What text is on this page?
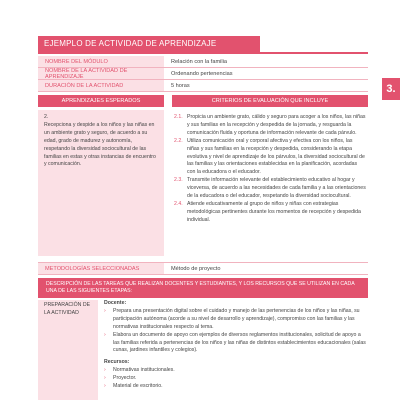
3.
EJEMPLO DE ACTIVIDAD DE APRENDIZAJE
NOMBRE DEL MÓDULO	Relación con la familia
NOMBRE DE LA ACTIVIDAD DE APRENDIZAJE	Ordenando pertenencias
DURACIÓN DE LA ACTIVIDAD	5 horas
APRENDIZAJES ESPERADOS	CRITERIOS DE EVALUACIÓN QUE INCLUYE
2.
Recepciona y despide a los niños y las niñas en un ambiente grato y seguro, de acuerdo a su edad, grado de madurez y autonomía, respetando la diversidad sociocultural de las familias en estas y otras instancias de encuentro y comunicación.
2.1. Propicia un ambiente grato, cálido y seguro para acoger a los niños, las niñas y sus familias en la recepción y despedida de la jornada, y resguarda la comunicación fluida y oportuna de información relevante de cada párvulo.
2.2. Utiliza comunicación oral y corporal afectiva y efectiva con los niños, las niñas y sus familias en la recepción y despedida, considerando la etapa evolutiva y nivel de aprendizaje de los párvulos, la diversidad sociocultural de las familias y las orientaciones establecidas en la planificación, acordadas con la educadora o el educador.
2.3. Transmite información relevante del establecimiento educativo al hogar y viceversa, de acuerdo a las necesidades de cada familia y a las orientaciones de la educadora o del educador, respetando la diversidad sociocultural.
2.4. Atiende educativamente al grupo de niños y niñas con estrategias metodológicas pertinentes durante los momentos de recepción y despedida individual.
METODOLOGÍAS SELECCIONADAS	Método de proyecto
DESCRIPCIÓN DE LAS TAREAS QUE REALIZAN DOCENTES Y ESTUDIANTES, Y LOS RECURSOS QUE SE UTILIZAN EN CADA UNA DE LAS SIGUIENTES ETAPAS:
PREPARACIÓN DE LA ACTIVIDAD
Docente:
› Prepara una presentación digital sobre el cuidado y manejo de las pertenencias de los niños y las niñas, su participación autónoma (acorde a su nivel de desarrollo y aprendizaje), compromiso con las familias y las normativas institucionales respecto al tema.
› Elabora un documento de apoyo con ejemplos de diversos reglamentos institucionales, solicitud de apoyo a las familias referida a pertenencias de los niños y las niñas de distintos establecimientos educacionales (salas cunas, jardines infantiles y colegios).
Recursos:
› Normativas institucionales.
› Proyector.
› Material de escritorio.
